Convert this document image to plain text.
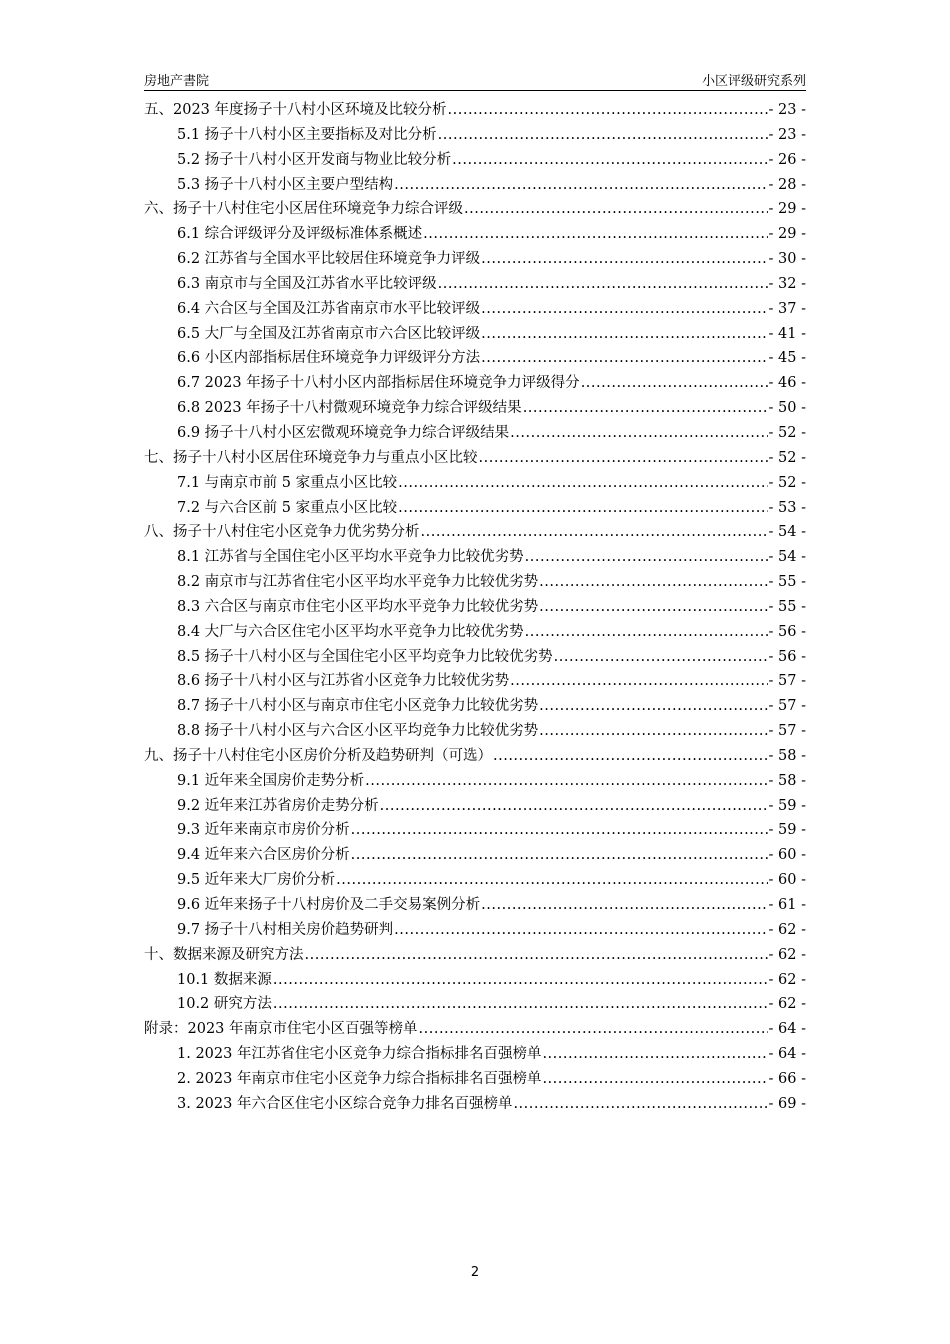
房地产書院	小区评级研究系列
五、2023 年度扬子十八村小区环境及比较分析 .....	- 23 -
5.1 扬子十八村小区主要指标及对比分析 .....	- 23 -
5.2 扬子十八村小区开发商与物业比较分析 .....	- 26 -
5.3 扬子十八村小区主要户型结构 .....	- 28 -
六、扬子十八村住宅小区居住环境竞争力综合评级 .....	- 29 -
6.1 综合评级评分及评级标准体系概述 .....	- 29 -
6.2 江苏省与全国水平比较居住环境竞争力评级 .....	- 30 -
6.3 南京市与全国及江苏省水平比较评级 .....	- 32 -
6.4 六合区与全国及江苏省南京市水平比较评级 .....	- 37 -
6.5 大厂与全国及江苏省南京市六合区比较评级 .....	- 41 -
6.6 小区内部指标居住环境竞争力评级评分方法 .....	- 45 -
6.7 2023 年扬子十八村小区内部指标居住环境竞争力评级得分 .....	- 46 -
6.8 2023 年扬子十八村微观环境竞争力综合评级结果 .....	- 50 -
6.9 扬子十八村小区宏微观环境竞争力综合评级结果 .....	- 52 -
七、扬子十八村小区居住环境竞争力与重点小区比较 .....	- 52 -
7.1 与南京市前 5 家重点小区比较 .....	- 52 -
7.2 与六合区前 5 家重点小区比较 .....	- 53 -
八、扬子十八村住宅小区竞争力优劣势分析 .....	- 54 -
8.1 江苏省与全国住宅小区平均水平竞争力比较优劣势 .....	- 54 -
8.2 南京市与江苏省住宅小区平均水平竞争力比较优劣势 .....	- 55 -
8.3 六合区与南京市住宅小区平均水平竞争力比较优劣势 .....	- 55 -
8.4 大厂与六合区住宅小区平均水平竞争力比较优劣势 .....	- 56 -
8.5 扬子十八村小区与全国住宅小区平均竞争力比较优劣势 .....	- 56 -
8.6 扬子十八村小区与江苏省小区竞争力比较优劣势 .....	- 57 -
8.7 扬子十八村小区与南京市住宅小区竞争力比较优劣势 .....	- 57 -
8.8 扬子十八村小区与六合区小区平均竞争力比较优劣势 .....	- 57 -
九、扬子十八村住宅小区房价分析及趋势研判（可选） .....	- 58 -
9.1 近年来全国房价走势分析 .....	- 58 -
9.2 近年来江苏省房价走势分析 .....	- 59 -
9.3 近年来南京市房价分析 .....	- 59 -
9.4 近年来六合区房价分析 .....	- 60 -
9.5 近年来大厂房价分析 .....	- 60 -
9.6 近年来扬子十八村房价及二手交易案例分析 .....	- 61 -
9.7 扬子十八村相关房价趋势研判 .....	- 62 -
十、数据来源及研究方法 .....	- 62 -
10.1 数据来源 .....	- 62 -
10.2 研究方法 .....	- 62 -
附录：2023 年南京市住宅小区百强等榜单 .....	- 64 -
1. 2023 年江苏省住宅小区竞争力综合指标排名百强榜单 .....	- 64 -
2. 2023 年南京市住宅小区竞争力综合指标排名百强榜单 .....	- 66 -
3. 2023 年六合区住宅小区综合竞争力排名百强榜单 .....	- 69 -
2
